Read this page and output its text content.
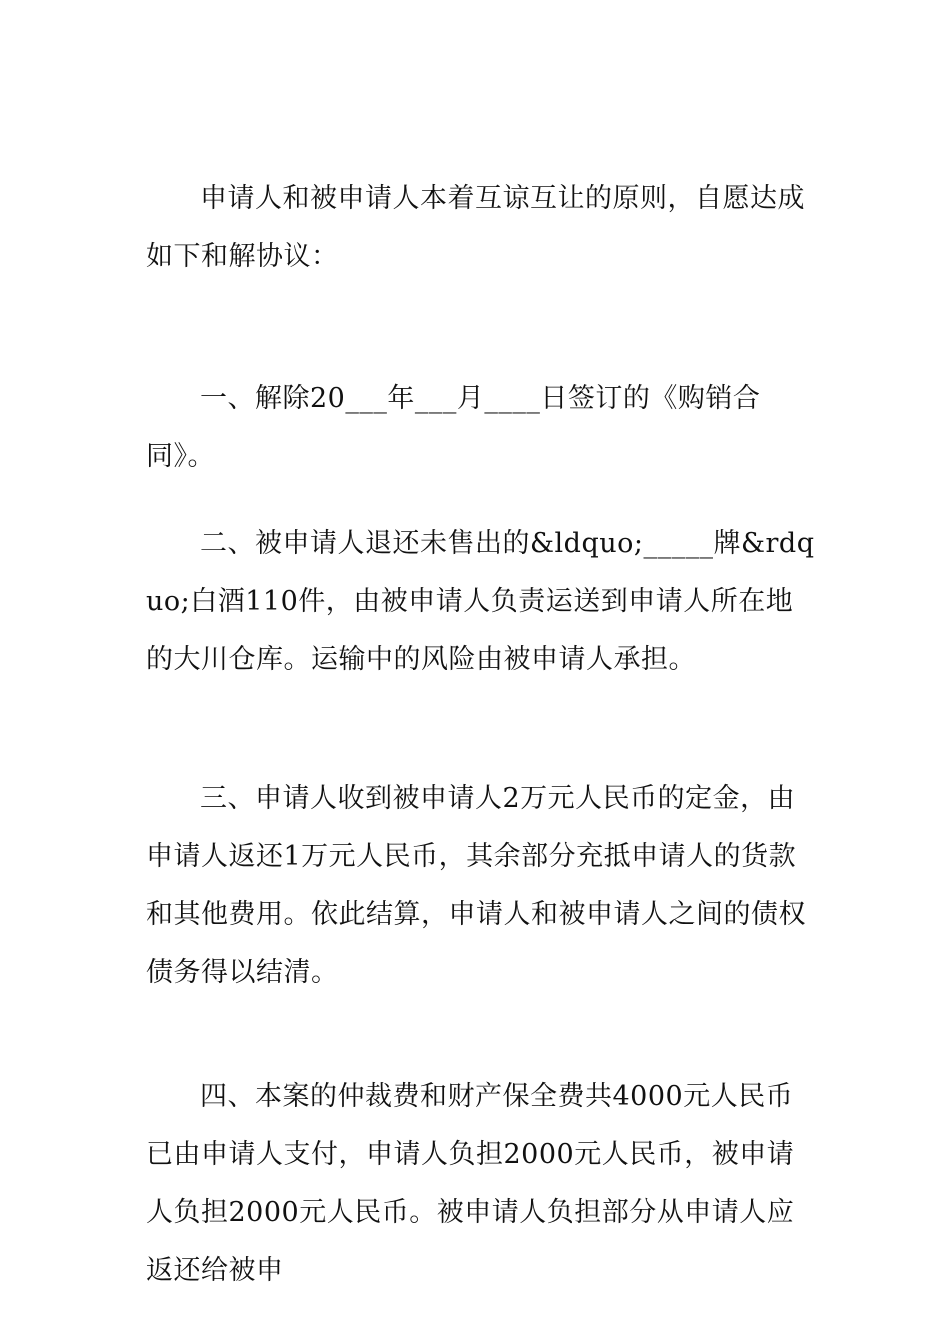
申请人和被申请人本着互谅互让的原则，自愿达成如下和解协议：

一、解除20___年___月____日签订的《购销合同》。

二、被申请人退还未售出的&ldquo;_____牌&rdquo;白酒110件，由被申请人负责运送到申请人所在地的大川仓库。运输中的风险由被申请人承担。

三、申请人收到被申请人2万元人民币的定金，由申请人返还1万元人民币，其余部分充抵申请人的货款和其他费用。依此结算，申请人和被申请人之间的债权债务得以结清。

四、本案的仲裁费和财产保全费共4000元人民币已由申请人支付，申请人负担2000元人民币，被申请人负担2000元人民币。被申请人负担部分从申请人应返还给被申
